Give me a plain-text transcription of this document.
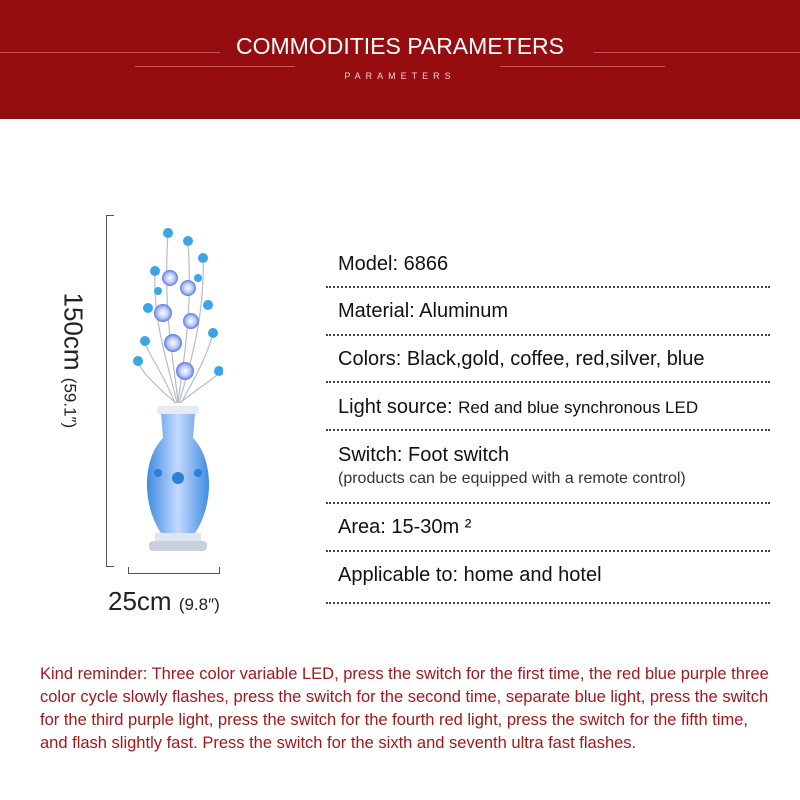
COMMODITIES PARAMETERS
PARAMETERS
150cm (59.1″)
25cm (9.8″)
Model: 6866
Material: Aluminum
Colors: Black,gold, coffee, red,silver, blue
Light source: Red and blue synchronous LED
Switch: Foot switch
(products can be equipped with a remote control)
Area: 15-30m ²
Applicable to: home and hotel
Kind reminder: Three color variable LED, press the switch for the first time, the red blue purple three color cycle slowly flashes, press the switch for the second time, separate blue light, press the switch for the third purple light, press the switch for the fourth red light, press the switch for the fifth time, and flash slightly fast. Press the switch for the sixth and seventh ultra fast flashes.
